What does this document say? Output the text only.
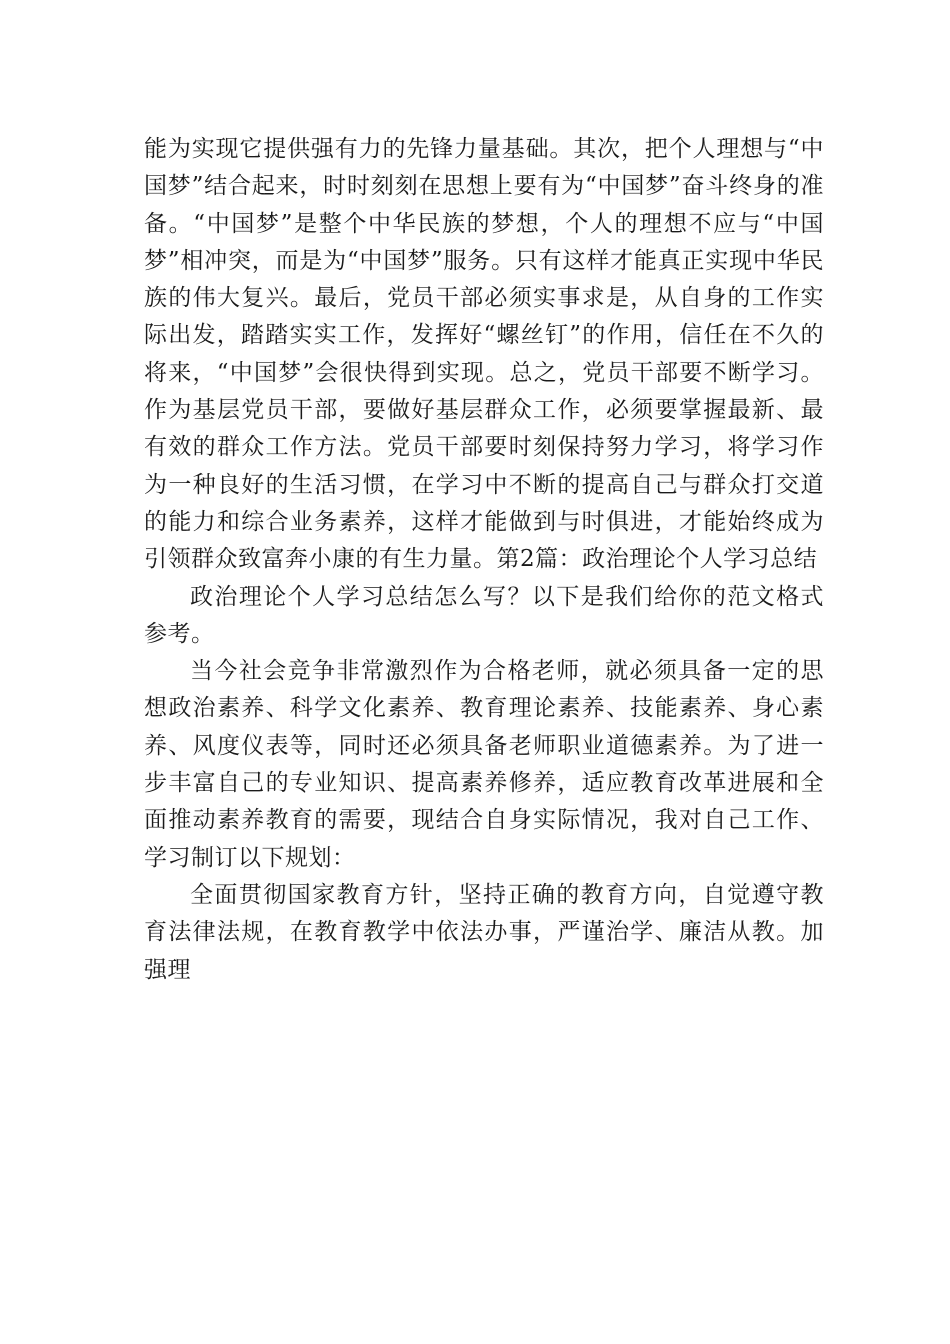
能为实现它提供强有力的先锋力量基础。其次，把个人理想与“中国梦”结合起来，时时刻刻在思想上要有为“中国梦”奋斗终身的准备。“中国梦”是整个中华民族的梦想，个人的理想不应与“中国梦”相冲突，而是为“中国梦”服务。只有这样才能真正实现中华民族的伟大复兴。最后，党员干部必须实事求是，从自身的工作实际出发，踏踏实实工作，发挥好“螺丝钉”的作用，信任在不久的将来，“中国梦”会很快得到实现。总之，党员干部要不断学习。作为基层党员干部，要做好基层群众工作，必须要掌握最新、最有效的群众工作方法。党员干部要时刻保持努力学习，将学习作为一种良好的生活习惯，在学习中不断的提高自己与群众打交道的能力和综合业务素养，这样才能做到与时俱进，才能始终成为引领群众致富奔小康的有生力量。第2篇：政治理论个人学习总结

政治理论个人学习总结怎么写？以下是我们给你的范文格式参考。

当今社会竞争非常激烈作为合格老师，就必须具备一定的思想政治素养、科学文化素养、教育理论素养、技能素养、身心素养、风度仪表等，同时还必须具备老师职业道德素养。为了进一步丰富自己的专业知识、提高素养修养，适应教育改革进展和全面推动素养教育的需要，现结合自身实际情况，我对自己工作、学习制订以下规划：

全面贯彻国家教育方针，坚持正确的教育方向，自觉遵守教育法律法规，在教育教学中依法办事，严谨治学、廉洁从教。加强理
